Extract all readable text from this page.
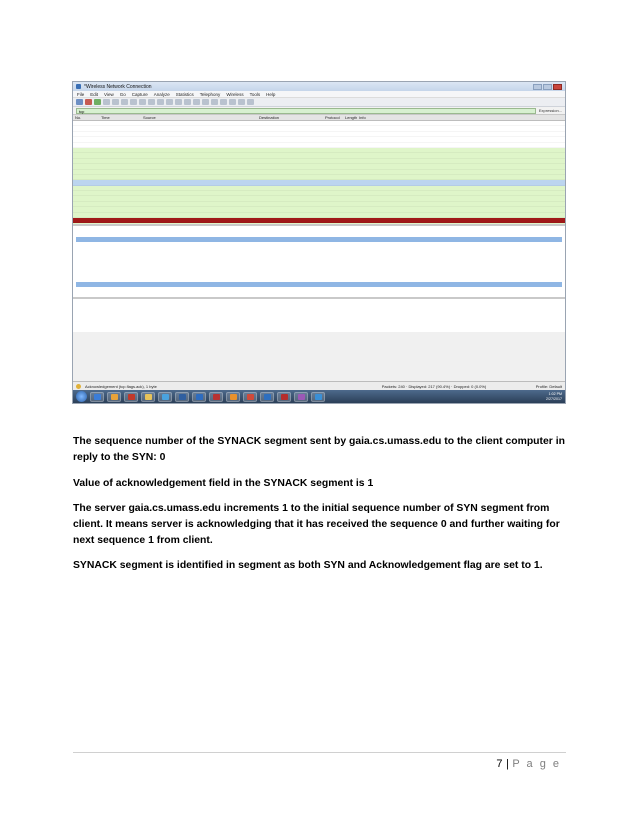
*Wireless Network Connection
File Edit View Go Capture Analyze Statistics Telephony Wireless Tools Help
tcp	Expression...
No.	Time	Source	Destination	Protocol	Length Info
Acknowledgement (tcp.flags.ack), 1 byte	Packets: 240 · Displayed: 217 (90.4%) · Dropped: 0 (0.0%)	Profile: Default
1:02 PM
2/27/2017

The sequence number of the SYNACK segment sent by gaia.cs.umass.edu to the client computer in reply to the SYN: 0

Value of acknowledgement field in the SYNACK segment is 1

The server gaia.cs.umass.edu increments 1 to the initial sequence number of SYN segment from client. It means server is acknowledging that it has received the sequence 0 and further waiting for next sequence 1 from client.

SYNACK segment is identified in segment as both SYN and Acknowledgement flag are set to 1.

7 | P a g e
